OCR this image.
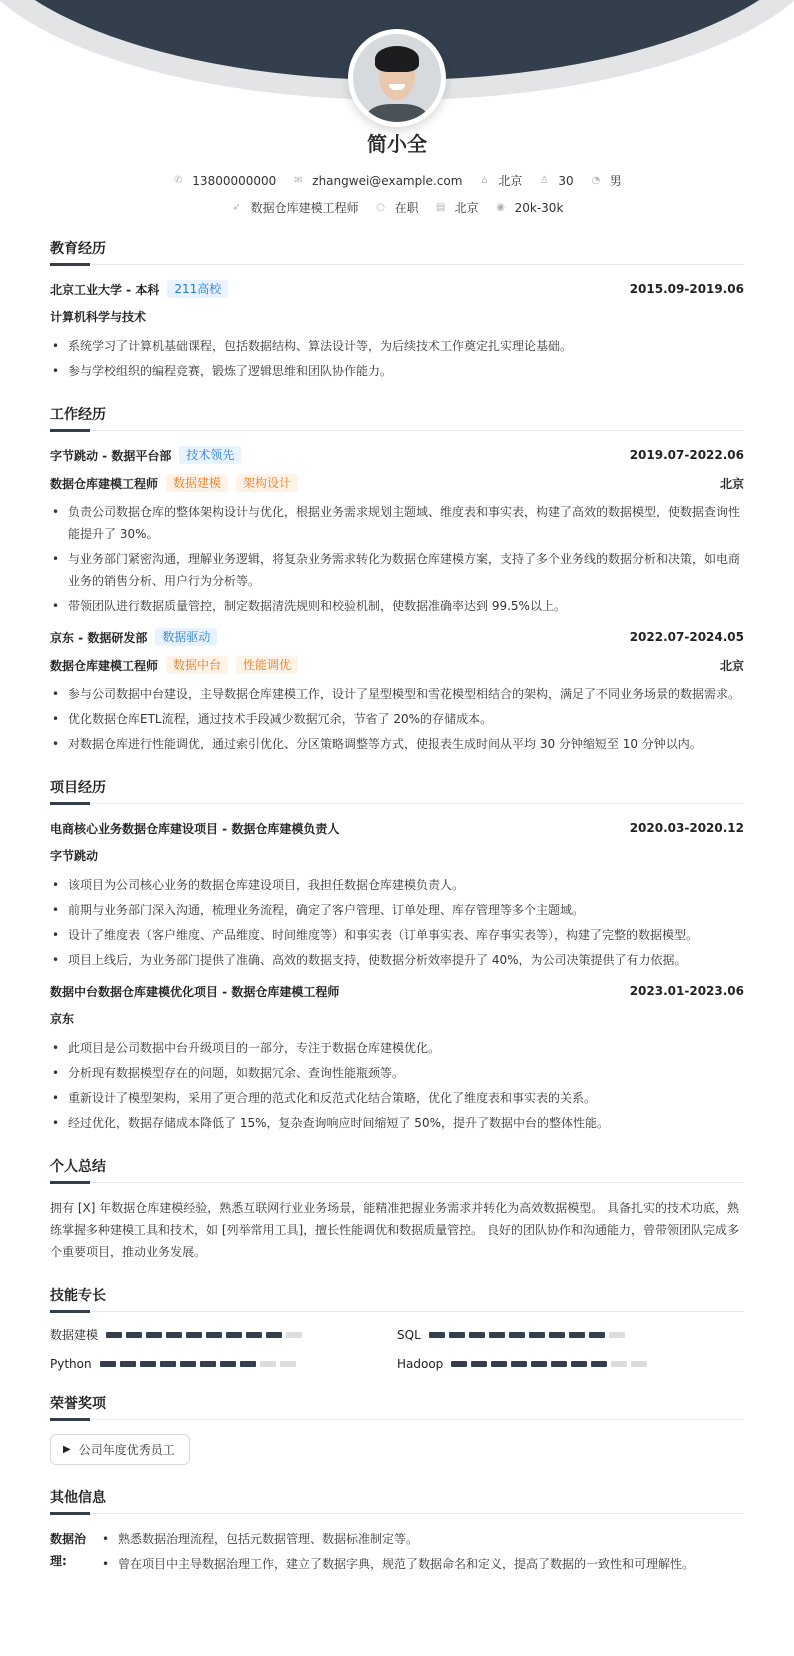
简小全
✆ 13800000000 ✉ zhangwei@example.com ⌂ 北京 ♙ 30 ◔ 男
➶ 数据仓库建模工程师 ○ 在职 ▤ 北京 ◉ 20k-30k
教育经历
北京工业大学 - 本科	211高校	2015.09-2019.06
计算机科学与技术
• 系统学习了计算机基础课程，包括数据结构、算法设计等，为后续技术工作奠定扎实理论基础。
• 参与学校组织的编程竞赛，锻炼了逻辑思维和团队协作能力。
工作经历
字节跳动 - 数据平台部	技术领先	2019.07-2022.06
数据仓库建模工程师	数据建模	架构设计	北京
• 负责公司数据仓库的整体架构设计与优化，根据业务需求规划主题域、维度表和事实表，构建了高效的数据模型，使数据查询性能提升了 30%。
• 与业务部门紧密沟通，理解业务逻辑，将复杂业务需求转化为数据仓库建模方案，支持了多个业务线的数据分析和决策，如电商业务的销售分析、用户行为分析等。
• 带领团队进行数据质量管控，制定数据清洗规则和校验机制，使数据准确率达到 99.5%以上。
京东 - 数据研发部	数据驱动	2022.07-2024.05
数据仓库建模工程师	数据中台	性能调优	北京
• 参与公司数据中台建设，主导数据仓库建模工作，设计了星型模型和雪花模型相结合的架构，满足了不同业务场景的数据需求。
• 优化数据仓库ETL流程，通过技术手段减少数据冗余，节省了 20%的存储成本。
• 对数据仓库进行性能调优，通过索引优化、分区策略调整等方式，使报表生成时间从平均 30 分钟缩短至 10 分钟以内。
项目经历
电商核心业务数据仓库建设项目 - 数据仓库建模负责人	2020.03-2020.12
字节跳动
• 该项目为公司核心业务的数据仓库建设项目，我担任数据仓库建模负责人。
• 前期与业务部门深入沟通，梳理业务流程，确定了客户管理、订单处理、库存管理等多个主题域。
• 设计了维度表（客户维度、产品维度、时间维度等）和事实表（订单事实表、库存事实表等），构建了完整的数据模型。
• 项目上线后，为业务部门提供了准确、高效的数据支持，使数据分析效率提升了 40%，为公司决策提供了有力依据。
数据中台数据仓库建模优化项目 - 数据仓库建模工程师	2023.01-2023.06
京东
• 此项目是公司数据中台升级项目的一部分，专注于数据仓库建模优化。
• 分析现有数据模型存在的问题，如数据冗余、查询性能瓶颈等。
• 重新设计了模型架构，采用了更合理的范式化和反范式化结合策略，优化了维度表和事实表的关系。
• 经过优化，数据存储成本降低了 15%，复杂查询响应时间缩短了 50%，提升了数据中台的整体性能。
个人总结
拥有 [X] 年数据仓库建模经验，熟悉互联网行业业务场景，能精准把握业务需求并转化为高效数据模型。 具备扎实的技术功底，熟练掌握多种建模工具和技术，如 [列举常用工具]，擅长性能调优和数据质量管控。 良好的团队协作和沟通能力，曾带领团队完成多个重要项目，推动业务发展。
技能专长
数据建模	SQL
Python	Hadoop
荣誉奖项
▶ 公司年度优秀员工
其他信息
数据治理:
• 熟悉数据治理流程，包括元数据管理、数据标准制定等。
• 曾在项目中主导数据治理工作，建立了数据字典，规范了数据命名和定义，提高了数据的一致性和可理解性。
